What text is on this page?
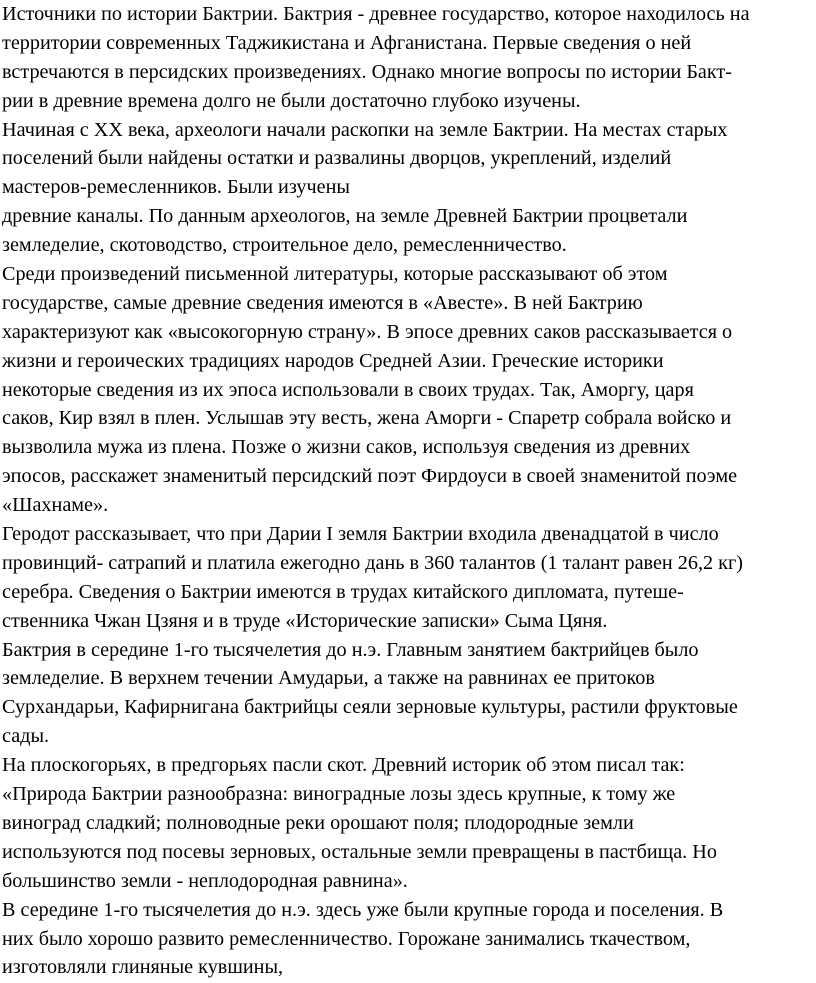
Источники по истории Бактрии. Бактрия - древнее государство, которое находилось на
территории современных Таджикистана и Афганистана. Первые сведения о ней
встречаются в персидских произведениях. Однако многие вопросы по истории Бакт-
рии в древние времена долго не были достаточно глубоко изучены.
Начиная с XX века, археологи начали раскопки на земле Бактрии. На местах старых
поселений были найдены остатки и развалины дворцов, укреплений, изделий
мастеров-ремесленников. Были изучены
древние каналы. По данным археологов, на земле Древней Бактрии процветали
земледелие, скотоводство, строительное дело, ремесленничество.
Среди произведений письменной литературы, которые рассказывают об этом
государстве, самые древние сведения имеются в «Авесте». В ней Бактрию
характеризуют как «высокогорную страну». В эпосе древних саков рассказывается о
жизни и героических традициях народов Средней Азии. Греческие историки
некоторые сведения из их эпоса использовали в своих трудах. Так, Аморгу, царя
саков, Кир взял в плен. Услышав эту весть, жена Аморги - Спаретр собрала войско и
вызволила мужа из плена. Позже о жизни саков, используя сведения из древних
эпосов, расскажет знаменитый персидский поэт Фирдоуси в своей знаменитой поэме
«Шахнаме».
Геродот рассказывает, что при Дарии I земля Бактрии входила двенадцатой в число
провинций- сатрапий и платила ежегодно дань в 360 талантов (1 талант равен 26,2 кг)
серебра. Сведения о Бактрии имеются в трудах китайского дипломата, путеше-
ственника Чжан Цзяня и в труде «Исторические записки» Сыма Цяня.
Бактрия в середине 1-го тысячелетия до н.э. Главным занятием бактрийцев было
земледелие. В верхнем течении Амударьи, а также на равнинах ее притоков
Сурхандарьи, Кафирнигана бактрийцы сеяли зерновые культуры, растили фруктовые
сады.
На плоскогорьях, в предгорьях пасли скот. Древний историк об этом писал так:
«Природа Бактрии разнообразна: виноградные лозы здесь крупные, к тому же
виноград сладкий; полноводные реки орошают поля; плодородные земли
используются под посевы зерновых, остальные земли превращены в пастбища. Но
большинство земли - неплодородная равнина».
В середине 1-го тысячелетия до н.э. здесь уже были крупные города и поселения. В
них было хорошо развито ремесленничество. Горожане занимались ткачеством,
изготовляли глиняные кувшины,
